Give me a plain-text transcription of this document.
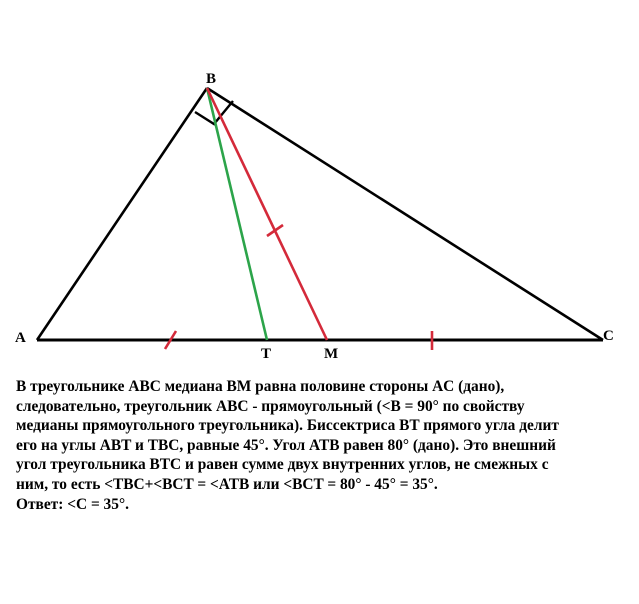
A
B
C
T	M
В треугольнике ABC медиана BM равна половине стороны AC (дано),
следовательно, треугольник ABC - прямоугольный (<B = 90° по свойству
медианы прямоугольного треугольника). Биссектриса BT прямого угла делит
его на углы ABT и TBC, равные 45°. Угол ATB равен 80° (дано). Это внешний
угол треугольника BTC и равен сумме двух внутренних углов, не смежных с
ним, то есть <TBC+<BCT = <ATB или <BCT = 80° - 45° = 35°.
Ответ: <C = 35°.
